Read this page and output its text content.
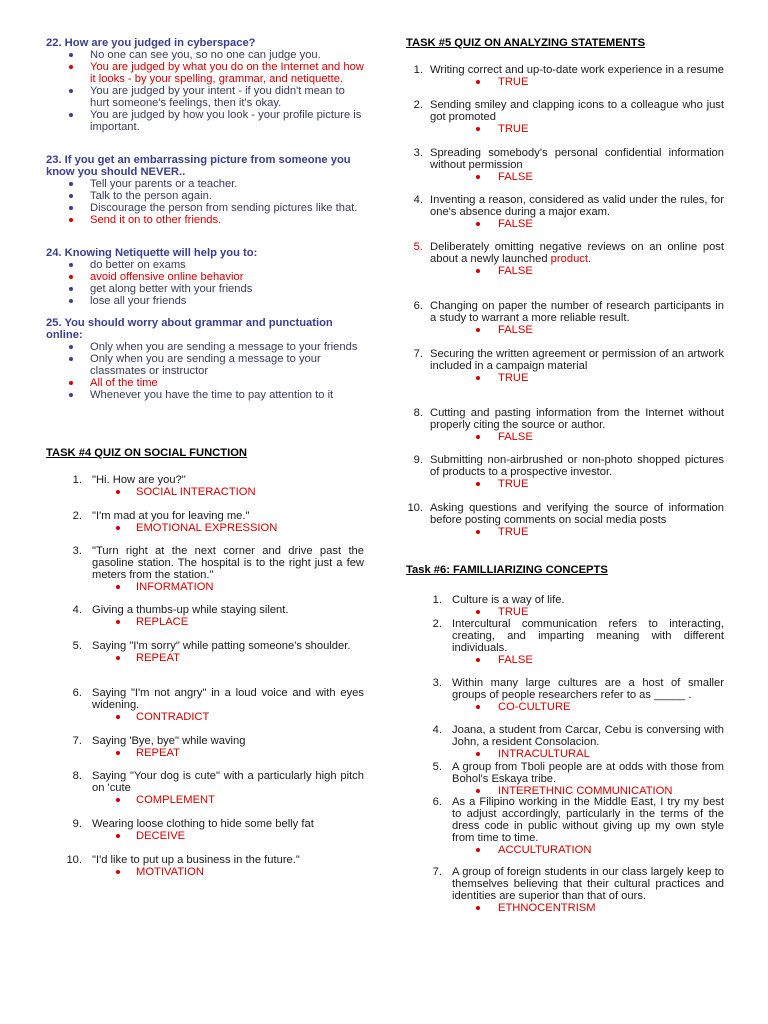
22. How are you judged in cyberspace?
No one can see you, so no one can judge you.
You are judged by what you do on the Internet and how it looks - by your spelling, grammar, and netiquette.
You are judged by your intent - if you didn't mean to hurt someone's feelings, then it's okay.
You are judged by how you look - your profile picture is important.
23. If you get an embarrassing picture from someone you know you should NEVER..
Tell your parents or a teacher.
Talk to the person again.
Discourage the person from sending pictures like that.
Send it on to other friends.
24. Knowing Netiquette will help you to:
do better on exams
avoid offensive online behavior
get along better with your friends
lose all your friends
25. You should worry about grammar and punctuation online:
Only when you are sending a message to your friends
Only when you are sending a message to your classmates or instructor
All of the time
Whenever you have the time to pay attention to it
TASK #4 QUIZ ON SOCIAL FUNCTION
1. "Hi. How are you?"
SOCIAL INTERACTION
2. "I'm mad at you for leaving me."
EMOTIONAL EXPRESSION
3. "Turn right at the next corner and drive past the gasoline station. The hospital is to the right just a few meters from the station."
INFORMATION
4. Giving a thumbs-up while staying silent.
REPLACE
5. Saying "I'm sorry" while patting someone's shoulder.
REPEAT
6. Saying "I'm not angry" in a loud voice and with eyes widening.
CONTRADICT
7. Saying 'Bye, bye" while waving
REPEAT
8. Saying "Your dog is cute" with a particularly high pitch on 'cute
COMPLEMENT
9. Wearing loose clothing to hide some belly fat
DECEIVE
10. "I'd like to put up a business in the future."
MOTIVATION
TASK #5 QUIZ ON ANALYZING STATEMENTS
1. Writing correct and up-to-date work experience in a resume
TRUE
2. Sending smiley and clapping icons to a colleague who just got promoted
TRUE
3. Spreading somebody's personal confidential information without permission
FALSE
4. Inventing a reason, considered as valid under the rules, for one's absence during a major exam.
FALSE
5. Deliberately omitting negative reviews on an online post about a newly launched product.
FALSE
6. Changing on paper the number of research participants in a study to warrant a more reliable result.
FALSE
7. Securing the written agreement or permission of an artwork included in a campaign material
TRUE
8. Cutting and pasting information from the Internet without properly citing the source or author.
FALSE
9. Submitting non-airbrushed or non-photo shopped pictures of products to a prospective investor.
TRUE
10. Asking questions and verifying the source of information before posting comments on social media posts
TRUE
Task #6: FAMILLIARIZING CONCEPTS
1. Culture is a way of life.
TRUE
2. Intercultural communication refers to interacting, creating, and imparting meaning with different individuals.
FALSE
3. Within many large cultures are a host of smaller groups of people researchers refer to as _____ .
CO-CULTURE
4. Joana, a student from Carcar, Cebu is conversing with John, a resident Consolacion.
INTRACULTURAL
5. A group from Tboli people are at odds with those from Bohol's Eskaya tribe.
INTERETHNIC COMMUNICATION
6. As a Filipino working in the Middle East, I try my best to adjust accordingly, particularly in the terms of the dress code in public without giving up my own style from time to time.
ACCULTURATION
7. A group of foreign students in our class largely keep to themselves believing that their cultural practices and identities are superior than that of ours.
ETHNOCENTRISM
